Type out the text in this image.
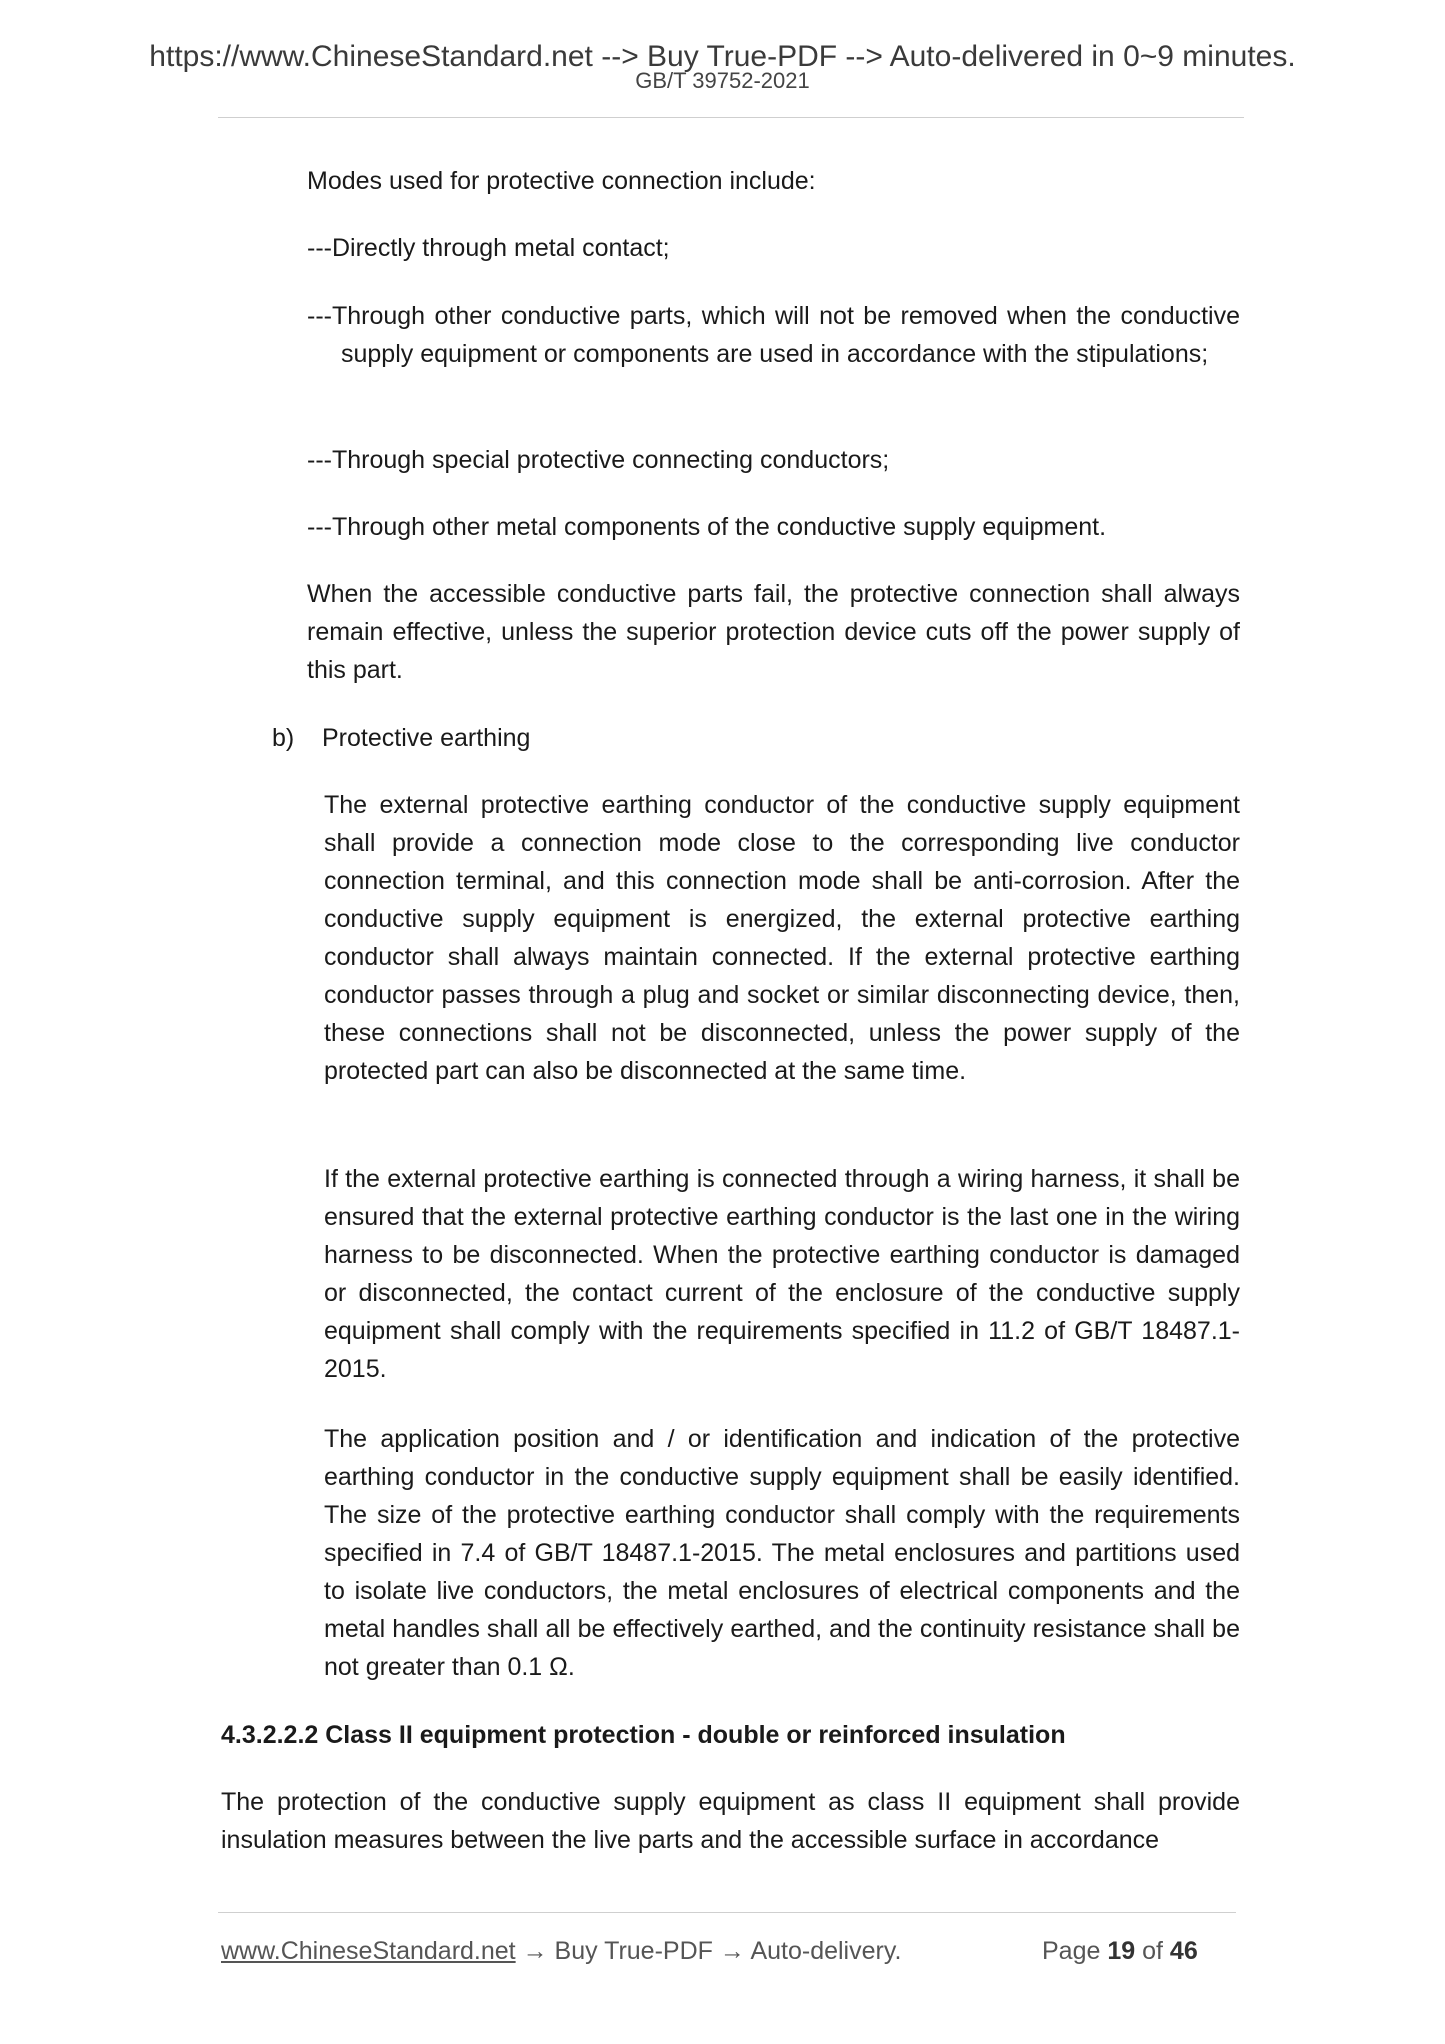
https://www.ChineseStandard.net --> Buy True-PDF --> Auto-delivered in 0~9 minutes.
GB/T 39752-2021

Modes used for protective connection include:

---Directly through metal contact;

---Through other conductive parts, which will not be removed when the conductive supply equipment or components are used in accordance with the stipulations;

---Through special protective connecting conductors;

---Through other metal components of the conductive supply equipment.

When the accessible conductive parts fail, the protective connection shall always remain effective, unless the superior protection device cuts off the power supply of this part.

b) Protective earthing

The external protective earthing conductor of the conductive supply equipment shall provide a connection mode close to the corresponding live conductor connection terminal, and this connection mode shall be anti-corrosion. After the conductive supply equipment is energized, the external protective earthing conductor shall always maintain connected. If the external protective earthing conductor passes through a plug and socket or similar disconnecting device, then, these connections shall not be disconnected, unless the power supply of the protected part can also be disconnected at the same time.

If the external protective earthing is connected through a wiring harness, it shall be ensured that the external protective earthing conductor is the last one in the wiring harness to be disconnected. When the protective earthing conductor is damaged or disconnected, the contact current of the enclosure of the conductive supply equipment shall comply with the requirements specified in 11.2 of GB/T 18487.1-2015.

The application position and / or identification and indication of the protective earthing conductor in the conductive supply equipment shall be easily identified. The size of the protective earthing conductor shall comply with the requirements specified in 7.4 of GB/T 18487.1-2015. The metal enclosures and partitions used to isolate live conductors, the metal enclosures of electrical components and the metal handles shall all be effectively earthed, and the continuity resistance shall be not greater than 0.1 Ω.

4.3.2.2.2 Class II equipment protection - double or reinforced insulation

The protection of the conductive supply equipment as class II equipment shall provide insulation measures between the live parts and the accessible surface in accordance

www.ChineseStandard.net → Buy True-PDF → Auto-delivery.	Page 19 of 46
